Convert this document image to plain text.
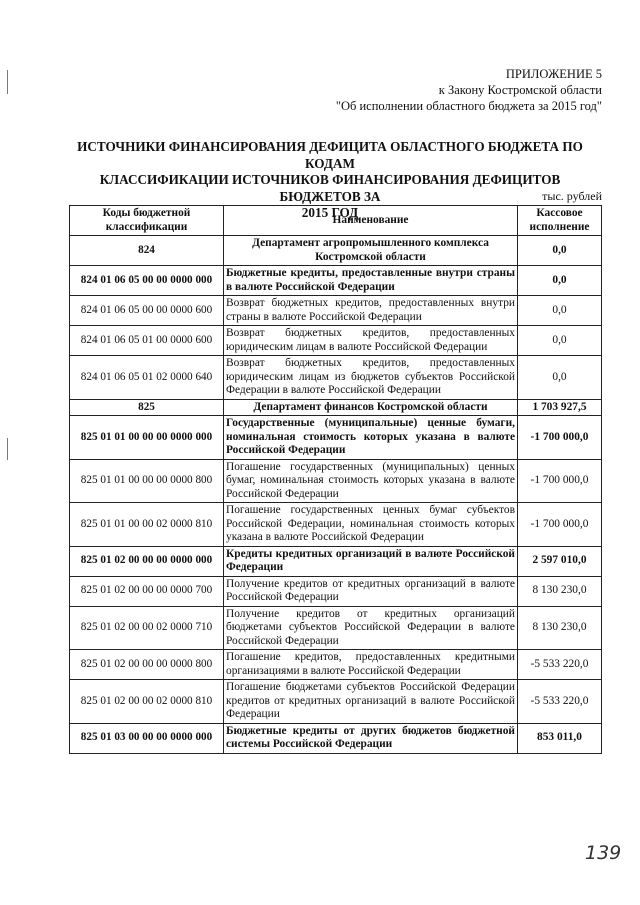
ПРИЛОЖЕНИЕ 5
к Закону Костромской области
"Об исполнении областного бюджета за 2015 год"
ИСТОЧНИКИ ФИНАНСИРОВАНИЯ ДЕФИЦИТА ОБЛАСТНОГО БЮДЖЕТА ПО КОДАМ
КЛАССИФИКАЦИИ ИСТОЧНИКОВ ФИНАНСИРОВАНИЯ ДЕФИЦИТОВ БЮДЖЕТОВ ЗА
2015 ГОД
тыс. рублей
Коды бюджетной классификации	Наименование	Кассовое исполнение
824	Департамент агропромышленного комплекса Костромской области	0,0
824 01 06 05 00 00 0000 000	Бюджетные кредиты, предоставленные внутри страны в валюте Российской Федерации	0,0
824 01 06 05 00 00 0000 600	Возврат бюджетных кредитов, предоставленных внутри страны в валюте Российской Федерации	0,0
824 01 06 05 01 00 0000 600	Возврат бюджетных кредитов, предоставленных юридическим лицам в валюте Российской Федерации	0,0
824 01 06 05 01 02 0000 640	Возврат бюджетных кредитов, предоставленных юридическим лицам из бюджетов субъектов Российской Федерации в валюте Российской Федерации	0,0
825	Департамент финансов Костромской области	1 703 927,5
825 01 01 00 00 00 0000 000	Государственные (муниципальные) ценные бумаги, номинальная стоимость которых указана в валюте Российской Федерации	-1 700 000,0
825 01 01 00 00 00 0000 800	Погашение государственных (муниципальных) ценных бумаг, номинальная стоимость которых указана в валюте Российской Федерации	-1 700 000,0
825 01 01 00 00 02 0000 810	Погашение государственных ценных бумаг субъектов Российской Федерации, номинальная стоимость которых указана в валюте Российской Федерации	-1 700 000,0
825 01 02 00 00 00 0000 000	Кредиты кредитных организаций в валюте Российской Федерации	2 597 010,0
825 01 02 00 00 00 0000 700	Получение кредитов от кредитных организаций в валюте Российской Федерации	8 130 230,0
825 01 02 00 00 02 0000 710	Получение кредитов от кредитных организаций бюджетами субъектов Российской Федерации в валюте Российской Федерации	8 130 230,0
825 01 02 00 00 00 0000 800	Погашение кредитов, предоставленных кредитными организациями в валюте Российской Федерации	-5 533 220,0
825 01 02 00 00 02 0000 810	Погашение бюджетами субъектов Российской Федерации кредитов от кредитных организаций в валюте Российской Федерации	-5 533 220,0
825 01 03 00 00 00 0000 000	Бюджетные кредиты от других бюджетов бюджетной системы Российской Федерации	853 011,0
139
